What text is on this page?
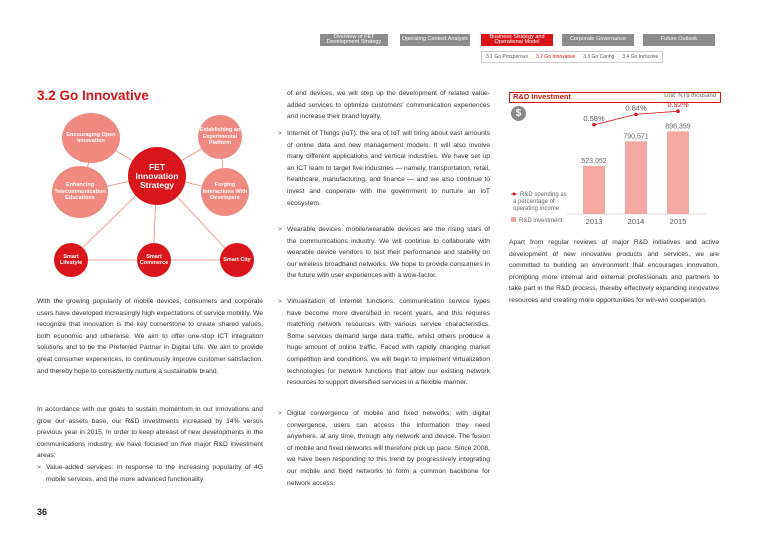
Overview of FET Development Strategy	Operating Context Analysis	Business Strategy and Operational Model	Corporate Governance	Future Outlook
3.1 Go Prosperous 3.2 Go Innovative 3.3 Go Caring 3.4 Go Inclusive
3.2 Go Innovative
Encouraging Open Innovation
Establishing an Experimental Platform
Enhancing Telecommunication Educations
Forging Interactions With Developers
FET Innovation Strategy
Smart Lifestyle
Smart Commerce
Smart City
With the growing popularity of mobile devices, consumers and corporate users have developed increasingly high expectations of service mobility. We recognize that innovation is the key cornerstone to create shared values, both economic and otherwise. We aim to offer one-stop ICT integration solutions and to be the Preferred Partner in Digital Life. We aim to provide great consumer experiences, to continuously improve customer satisfaction, and thereby hope to consistently nurture a sustainable brand.
In accordance with our goals to sustain momentum in our innovations and grow our assets base, our R&D investments increased by 14% versus previous year in 2015. In order to keep abreast of new developments in the communications industry, we have focused on five major R&D investment areas:
> Value-added services: in response to the increasing popularity of 4G mobile services, and the more advanced functionality
of end devices, we will step up the development of related value-added services to optimize customers' communication experiences and increase their brand loyalty.
> Internet of Things (IoT): the era of IoT will bring about vast amounts of online data and new management models. It will also involve many different applications and vertical industries. We have set up an ICT team to target five industries — namely, transportation, retail, healthcare, manufacturing, and finance — and we also continue to invest and cooperate with the government to nurture an IoT ecosystem.
> Wearable devices: mobile/wearable devices are the rising stars of the communications industry. We will continue to collaborate with wearable device vendors to test their performance and stability on our wireless broadband networks. We hope to provide consumers in the future with user experiences with a wow-factor.
> Virtualization of Internet functions: communication service types have become more diversified in recent years, and this requires matching network resources with various service characteristics. Some services demand large data traffic, whilst others produce a huge amount of online traffic. Faced with rapidly changing market competition and conditions, we will begin to implement virtualization technologies for network functions that allow our existing network resources to support diversified services in a flexible manner.
> Digital convergence of mobile and fixed networks: with digital convergence, users can access the information they need anywhere, at any time, through any network and device. The fusion of mobile and fixed networks will therefore pick up pace. Since 2008, we have been responding to this trend by progressively integrating our mobile and fixed networks to form a common backbone for network access.
R&D Investment	Unit: NT$ thousand
$
523,052
2013
0.58%
790,571
2014
0.84%
898,359
2015
0.92%
R&D spending as a percentage of operating income
R&D investment
Apart from regular reviews of major R&D initiatives and active development of new innovative products and services, we are committed to building an environment that encourages innovation, prompting more internal and external professionals and partners to take part in the R&D process, thereby effectively expanding innovative resources and creating more opportunities for win-win cooperation.
36
